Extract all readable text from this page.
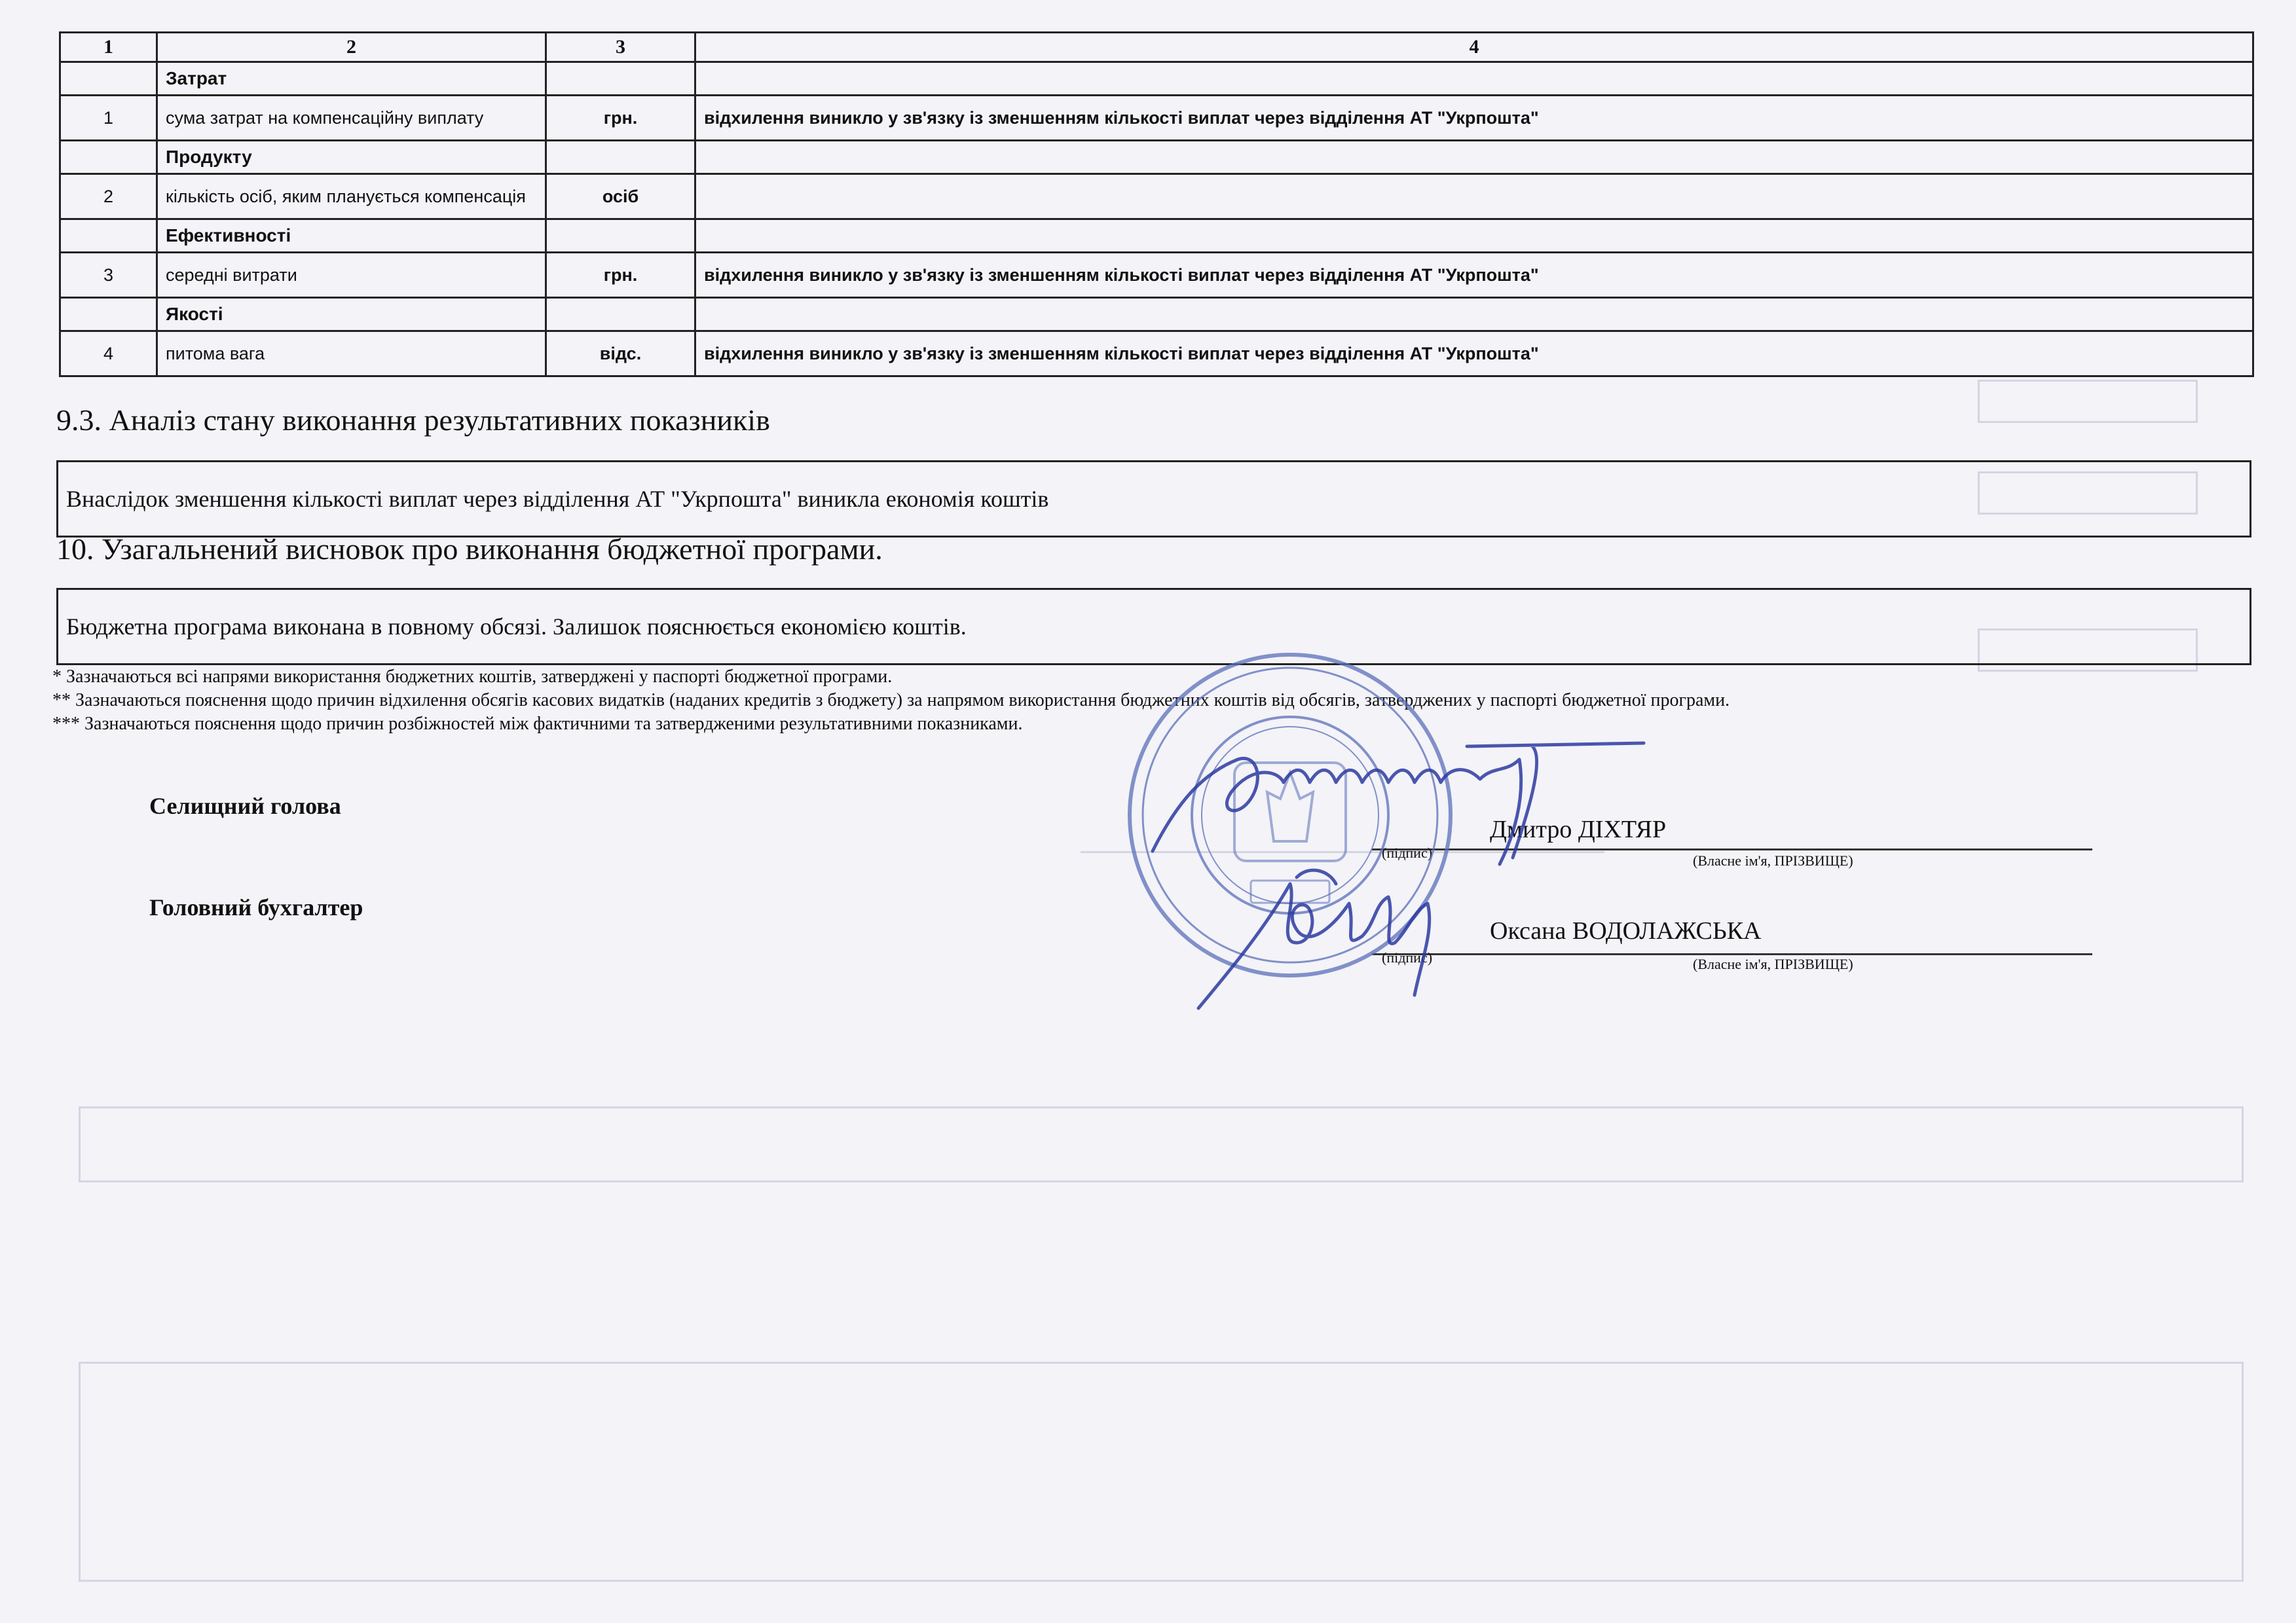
1	2	3	4
	Затрат		
1	сума затрат на компенсаційну виплату	грн.	відхилення виникло у зв'язку із зменшенням кількості виплат через відділення АТ "Укрпошта"
	Продукту		
2	кількість осіб, яким планується компенсація	осіб	
	Ефективності		
3	середні витрати	грн.	відхилення виникло у зв'язку із зменшенням кількості виплат через відділення АТ "Укрпошта"
	Якості		
4	питома вага	відс.	відхилення виникло у зв'язку із зменшенням кількості виплат через відділення АТ "Укрпошта"
9.3. Аналіз стану виконання результативних показників
Внаслідок зменшення кількості виплат через відділення АТ "Укрпошта" виникла економія коштів
10. Узагальнений висновок про виконання бюджетної програми.
Бюджетна програма виконана в повному обсязі. Залишок пояснюється економією коштів.
* Зазначаються всі напрями використання бюджетних коштів, затверджені у паспорті бюджетної програми.
** Зазначаються пояснення щодо причин відхилення обсягів касових видатків (наданих кредитів з бюджету) за напрямом використання бюджетних коштів від обсягів, затверджених у паспорті бюджетної програми.
*** Зазначаються пояснення щодо причин розбіжностей між фактичними та затвердженими результативними показниками.
Селищний голова
Дмитро ДІХТЯР
(підпис)	(Власне ім'я, ПРІЗВИЩЕ)
Головний бухгалтер
Оксана ВОДОЛАЖСЬКА
(підпис)	(Власне ім'я, ПРІЗВИЩЕ)
